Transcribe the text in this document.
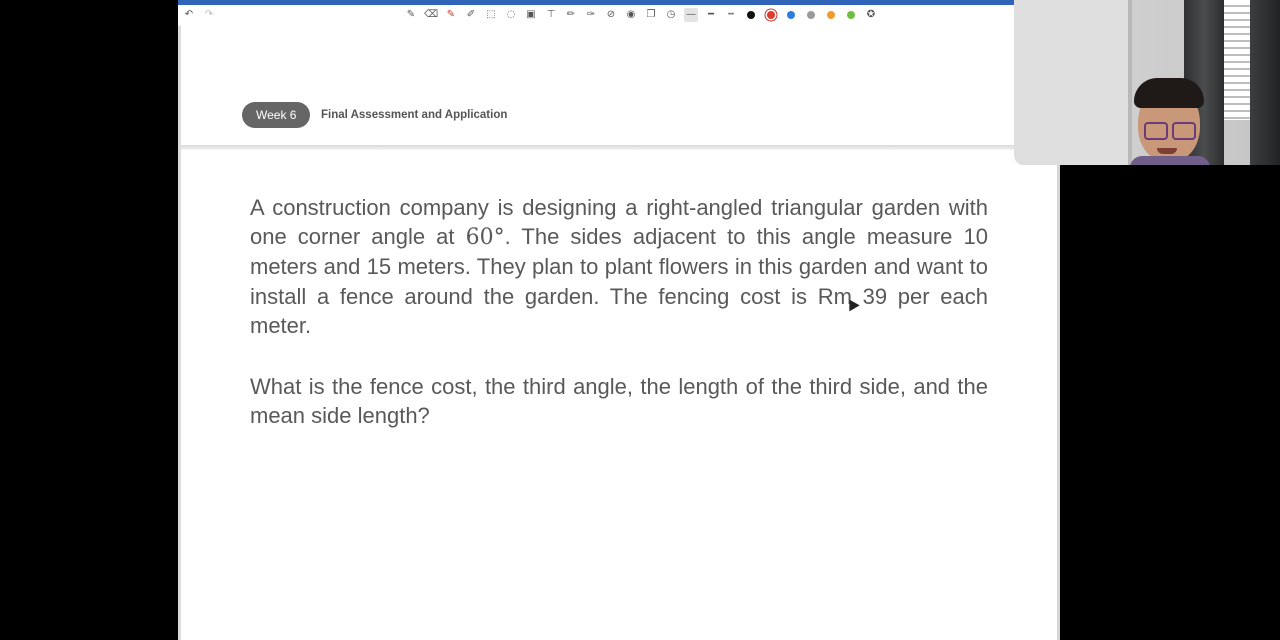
↶ ↷	✎ ⌫ ✎ ✐ ⬚ ◌ ▣ ⊤ ✏ ✑ ⊘ ◉ ❐ ◷ —	━	┅	✪
Week 6	Final Assessment and Application

A construction company is designing a right-angled triangular garden with one corner angle at 60°. The sides adjacent to this angle measure 10 meters and 15 meters. They plan to plant flowers in this garden and want to install a fence around the garden. The fencing cost is Rm 39 per each meter.

What is the fence cost, the third angle, the length of the third side, and the mean side length?
